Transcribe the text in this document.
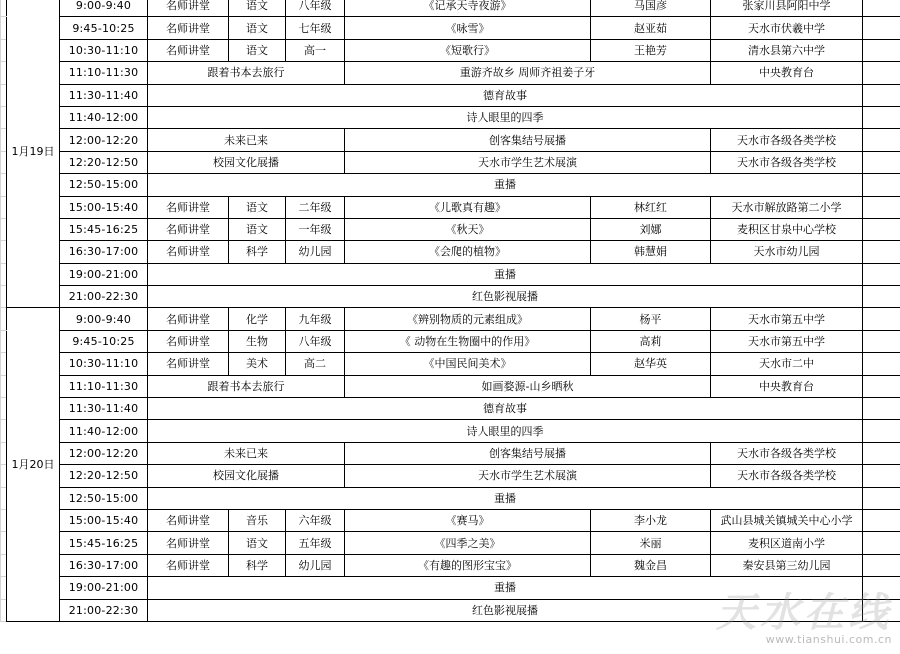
	1月19日	9:00-9:40	名师讲堂	语文	八年级	《记承天寺夜游》	马国彦	张家川县阿阳中学	
		9:45-10:25	名师讲堂	语文	七年级	《咏雪》	赵亚茹	天水市伏羲中学	
		10:30-11:10	名师讲堂	语文	高一	《短歌行》	王艳芳	清水县第六中学	
		11:10-11:30	跟着书本去旅行			重游齐故乡 周师齐祖姜子牙		中央教育台	
		11:30-11:40	德育故事						
		11:40-12:00	诗人眼里的四季						
		12:00-12:20	未来已来			创客集结号展播		天水市各级各类学校	
		12:20-12:50	校园文化展播			天水市学生艺术展演		天水市各级各类学校	
		12:50-15:00	重播						
		15:00-15:40	名师讲堂	语文	二年级	《儿歌真有趣》	林红红	天水市解放路第二小学	
		15:45-16:25	名师讲堂	语文	一年级	《秋天》	刘娜	麦积区甘泉中心学校	
		16:30-17:00	名师讲堂	科学	幼儿园	《会爬的植物》	韩慧娟	天水市幼儿园	
		19:00-21:00	重播						
		21:00-22:30	红色影视展播						
	1月20日	9:00-9:40	名师讲堂	化学	九年级	《辨别物质的元素组成》	杨平	天水市第五中学	
		9:45-10:25	名师讲堂	生物	八年级	《 动物在生物圈中的作用》	高莉	天水市第五中学	
		10:30-11:10	名师讲堂	美术	高二	《中国民间美术》	赵华英	天水市二中	
		11:10-11:30	跟着书本去旅行			如画婺源-山乡晒秋		中央教育台	
		11:30-11:40	德育故事						
		11:40-12:00	诗人眼里的四季						
		12:00-12:20	未来已来			创客集结号展播		天水市各级各类学校	
		12:20-12:50	校园文化展播			天水市学生艺术展演		天水市各级各类学校	
		12:50-15:00	重播						
		15:00-15:40	名师讲堂	音乐	六年级	《赛马》	李小龙	武山县城关镇城关中心小学	
		15:45-16:25	名师讲堂	语文	五年级	《四季之美》	米丽	麦积区道南小学	
		16:30-17:00	名师讲堂	科学	幼儿园	《有趣的图形宝宝》	魏金昌	秦安县第三幼儿园	
		19:00-21:00	重播						
		21:00-22:30	红色影视展播							天水在线
www.tianshui.com.cn
